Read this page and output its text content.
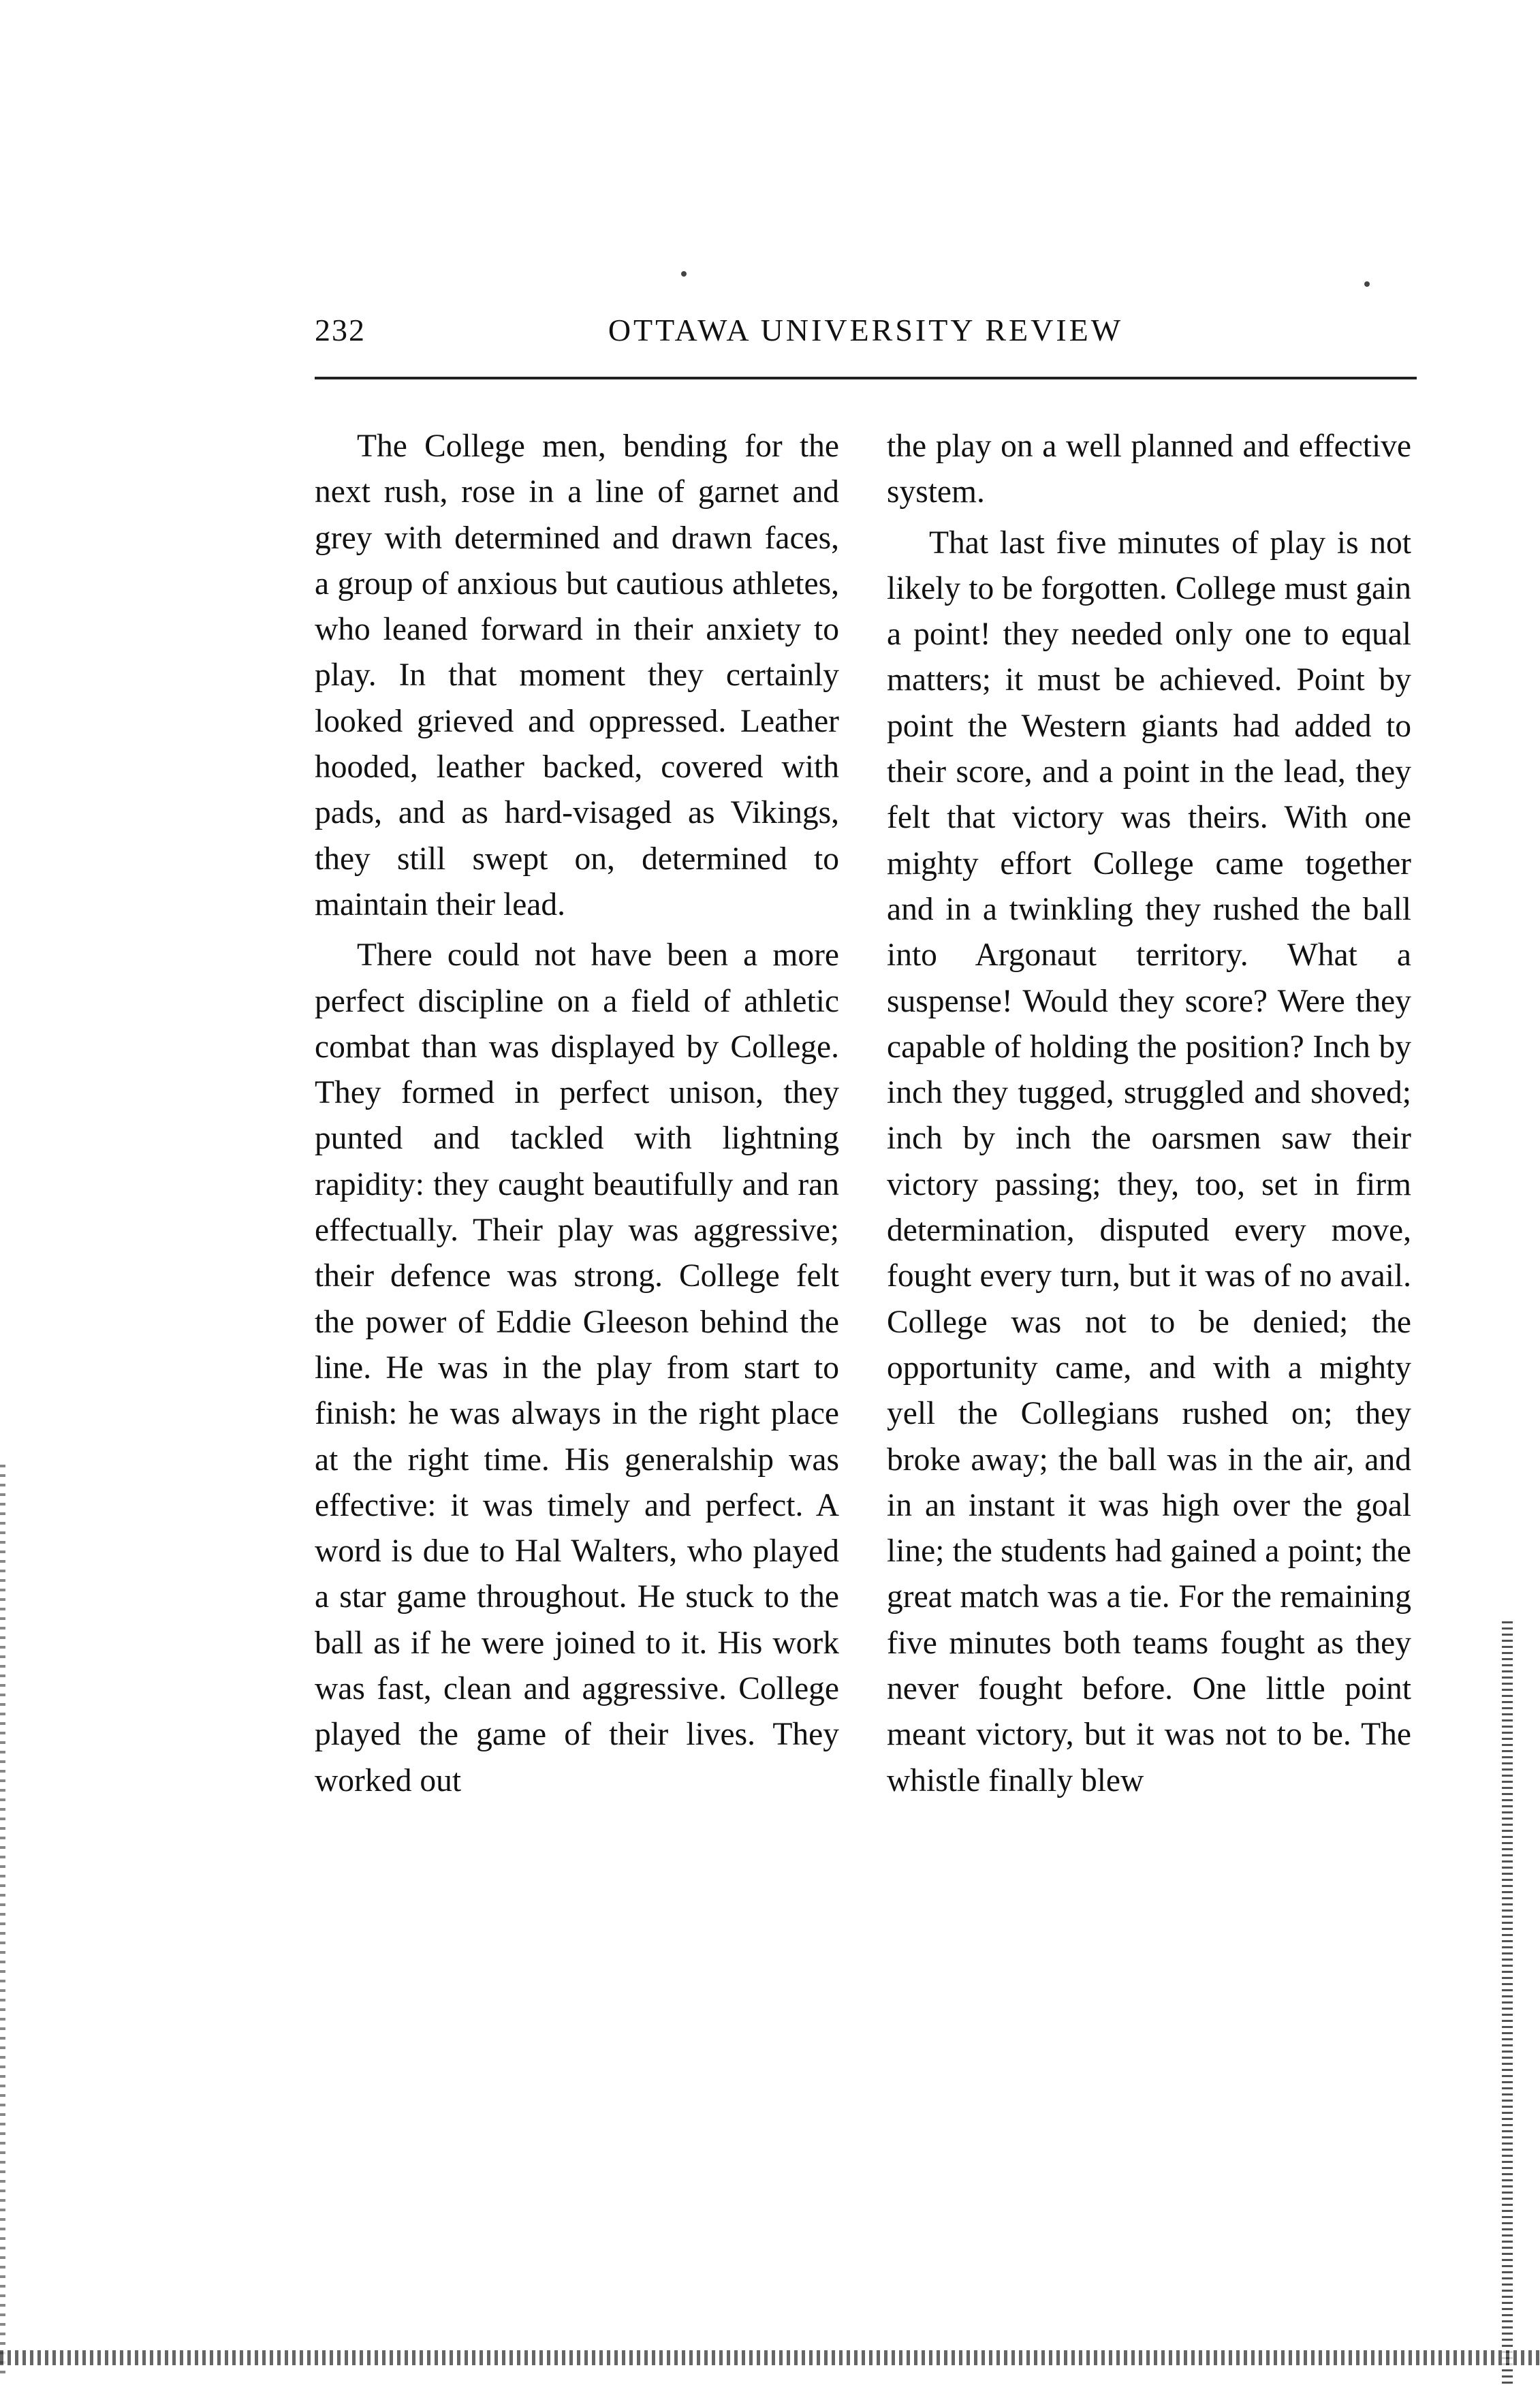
232	OTTAWA UNIVERSITY REVIEW

The College men, bending for the next rush, rose in a line of garnet and grey with determined and drawn faces, a group of anxious but cautious athletes, who leaned forward in their anxiety to play. In that moment they certainly looked grieved and oppressed. Leather hooded, leather backed, covered with pads, and as hard-visaged as Vikings, they still swept on, determined to maintain their lead.

There could not have been a more perfect discipline on a field of athletic combat than was displayed by College. They formed in perfect unison, they punted and tackled with lightning rapidity: they caught beautifully and ran effectually. Their play was aggressive; their defence was strong. College felt the power of Eddie Gleeson behind the line. He was in the play from start to finish: he was always in the right place at the right time. His generalship was effective: it was timely and perfect. A word is due to Hal Walters, who played a star game throughout. He stuck to the ball as if he were joined to it. His work was fast, clean and aggressive. College played the game of their lives. They worked out

the play on a well planned and effective system.

That last five minutes of play is not likely to be forgotten. College must gain a point! they needed only one to equal matters; it must be achieved. Point by point the Western giants had added to their score, and a point in the lead, they felt that victory was theirs. With one mighty effort College came together and in a twinkling they rushed the ball into Argonaut territory. What a suspense! Would they score? Were they capable of holding the position? Inch by inch they tugged, struggled and shoved; inch by inch the oarsmen saw their victory passing; they, too, set in firm determination, disputed every move, fought every turn, but it was of no avail. College was not to be denied; the opportunity came, and with a mighty yell the Collegians rushed on; they broke away; the ball was in the air, and in an instant it was high over the goal line; the students had gained a point; the great match was a tie. For the remaining five minutes both teams fought as they never fought before. One little point meant victory, but it was not to be. The whistle finally blew
